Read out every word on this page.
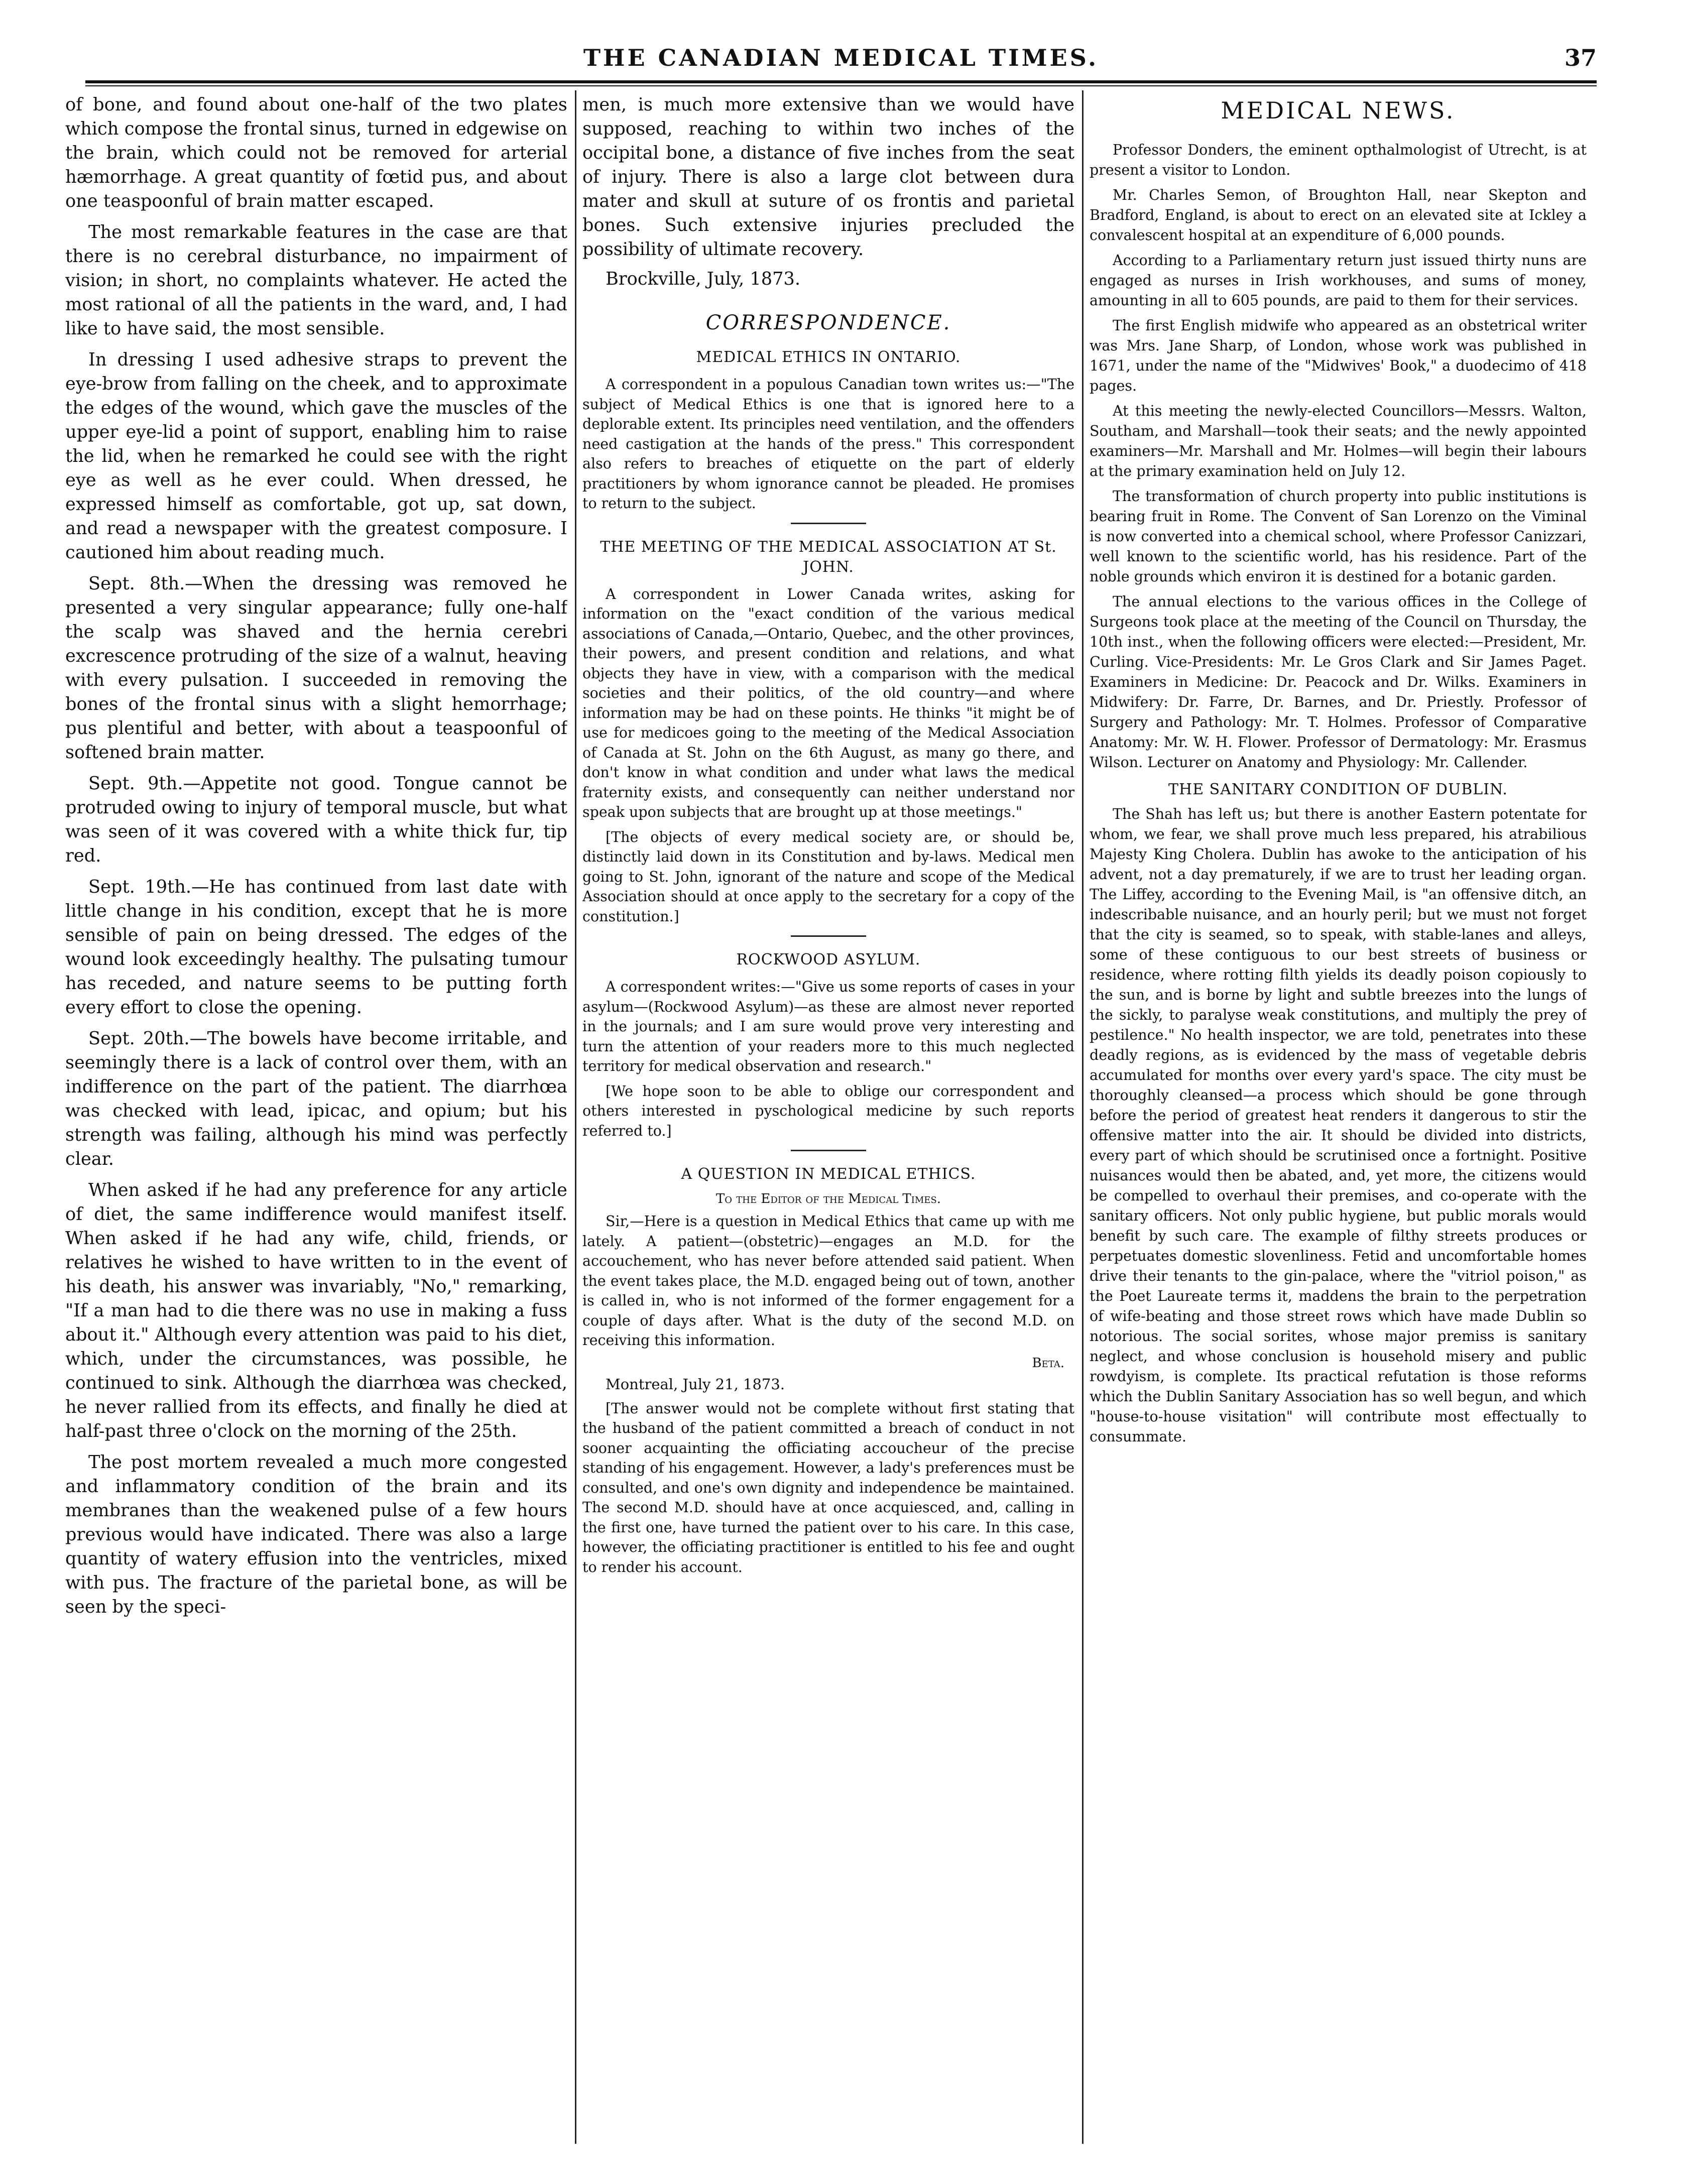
THE CANADIAN MEDICAL TIMES.	37

of bone, and found about one-half of the two plates which compose the frontal sinus, turned in edgewise on the brain, which could not be removed for arterial hæmorrhage. A great quantity of fœtid pus, and about one teaspoonful of brain matter escaped.

The most remarkable features in the case are that there is no cerebral disturbance, no impairment of vision; in short, no complaints whatever. He acted the most rational of all the patients in the ward, and, I had like to have said, the most sensible.

In dressing I used adhesive straps to prevent the eye-brow from falling on the cheek, and to approximate the edges of the wound, which gave the muscles of the upper eye-lid a point of support, enabling him to raise the lid, when he remarked he could see with the right eye as well as he ever could. When dressed, he expressed himself as comfortable, got up, sat down, and read a newspaper with the greatest composure. I cautioned him about reading much.

Sept. 8th.—When the dressing was removed he presented a very singular appearance; fully one-half the scalp was shaved and the hernia cerebri excrescence protruding of the size of a walnut, heaving with every pulsation. I succeeded in removing the bones of the frontal sinus with a slight hemorrhage; pus plentiful and better, with about a teaspoonful of softened brain matter.

Sept. 9th.—Appetite not good. Tongue cannot be protruded owing to injury of temporal muscle, but what was seen of it was covered with a white thick fur, tip red.

Sept. 19th.—He has continued from last date with little change in his condition, except that he is more sensible of pain on being dressed. The edges of the wound look exceedingly healthy. The pulsating tumour has receded, and nature seems to be putting forth every effort to close the opening.

Sept. 20th.—The bowels have become irritable, and seemingly there is a lack of control over them, with an indifference on the part of the patient. The diarrhœa was checked with lead, ipicac, and opium; but his strength was failing, although his mind was perfectly clear.

When asked if he had any preference for any article of diet, the same indifference would manifest itself. When asked if he had any wife, child, friends, or relatives he wished to have written to in the event of his death, his answer was invariably, "No," remarking, "If a man had to die there was no use in making a fuss about it." Although every attention was paid to his diet, which, under the circumstances, was possible, he continued to sink. Although the diarrhœa was checked, he never rallied from its effects, and finally he died at half-past three o'clock on the morning of the 25th.

The post mortem revealed a much more congested and inflammatory condition of the brain and its membranes than the weakened pulse of a few hours previous would have indicated. There was also a large quantity of watery effusion into the ventricles, mixed with pus. The fracture of the parietal bone, as will be seen by the speci-

men, is much more extensive than we would have supposed, reaching to within two inches of the occipital bone, a distance of five inches from the seat of injury. There is also a large clot between dura mater and skull at suture of os frontis and parietal bones. Such extensive injuries precluded the possibility of ultimate recovery.

Brockville, July, 1873.
CORRESPONDENCE.
MEDICAL ETHICS IN ONTARIO.

A correspondent in a populous Canadian town writes us:—"The subject of Medical Ethics is one that is ignored here to a deplorable extent. Its principles need ventilation, and the offenders need castigation at the hands of the press." This correspondent also refers to breaches of etiquette on the part of elderly practitioners by whom ignorance cannot be pleaded. He promises to return to the subject.

THE MEETING OF THE MEDICAL ASSOCIATION AT St. JOHN.

A correspondent in Lower Canada writes, asking for information on the "exact condition of the various medical associations of Canada,—Ontario, Quebec, and the other provinces, their powers, and present condition and relations, and what objects they have in view, with a comparison with the medical societies and their politics, of the old country—and where information may be had on these points. He thinks "it might be of use for medicoes going to the meeting of the Medical Association of Canada at St. John on the 6th August, as many go there, and don't know in what condition and under what laws the medical fraternity exists, and consequently can neither understand nor speak upon subjects that are brought up at those meetings."

[The objects of every medical society are, or should be, distinctly laid down in its Constitution and by-laws. Medical men going to St. John, ignorant of the nature and scope of the Medical Association should at once apply to the secretary for a copy of the constitution.]

ROCKWOOD ASYLUM.

A correspondent writes:—"Give us some reports of cases in your asylum—(Rockwood Asylum)—as these are almost never reported in the journals; and I am sure would prove very interesting and turn the attention of your readers more to this much neglected territory for medical observation and research."

[We hope soon to be able to oblige our correspondent and others interested in pyschological medicine by such reports referred to.]

A QUESTION IN MEDICAL ETHICS.
To the Editor of the Medical Times.

Sir,—Here is a question in Medical Ethics that came up with me lately. A patient—(obstetric)—engages an M.D. for the accouchement, who has never before attended said patient. When the event takes place, the M.D. engaged being out of town, another is called in, who is not informed of the former engagement for a couple of days after. What is the duty of the second M.D. on receiving this information.

Beta.
Montreal, July 21, 1873.

[The answer would not be complete without first stating that the husband of the patient committed a breach of conduct in not sooner acquainting the officiating accoucheur of the precise standing of his engagement. However, a lady's preferences must be consulted, and one's own dignity and independence be maintained. The second M.D. should have at once acquiesced, and, calling in the first one, have turned the patient over to his care. In this case, however, the officiating practitioner is entitled to his fee and ought to render his account.

MEDICAL NEWS.

Professor Donders, the eminent opthalmologist of Utrecht, is at present a visitor to London.

Mr. Charles Semon, of Broughton Hall, near Skepton and Bradford, England, is about to erect on an elevated site at Ickley a convalescent hospital at an expenditure of 6,000 pounds.

According to a Parliamentary return just issued thirty nuns are engaged as nurses in Irish workhouses, and sums of money, amounting in all to 605 pounds, are paid to them for their services.

The first English midwife who appeared as an obstetrical writer was Mrs. Jane Sharp, of London, whose work was published in 1671, under the name of the "Midwives' Book," a duodecimo of 418 pages.

At this meeting the newly-elected Councillors—Messrs. Walton, Southam, and Marshall—took their seats; and the newly appointed examiners—Mr. Marshall and Mr. Holmes—will begin their labours at the primary examination held on July 12.

The transformation of church property into public institutions is bearing fruit in Rome. The Convent of San Lorenzo on the Viminal is now converted into a chemical school, where Professor Canizzari, well known to the scientific world, has his residence. Part of the noble grounds which environ it is destined for a botanic garden.

The annual elections to the various offices in the College of Surgeons took place at the meeting of the Council on Thursday, the 10th inst., when the following officers were elected:—President, Mr. Curling. Vice-Presidents: Mr. Le Gros Clark and Sir James Paget. Examiners in Medicine: Dr. Peacock and Dr. Wilks. Examiners in Midwifery: Dr. Farre, Dr. Barnes, and Dr. Priestly. Professor of Surgery and Pathology: Mr. T. Holmes. Professor of Comparative Anatomy: Mr. W. H. Flower. Professor of Dermatology: Mr. Erasmus Wilson. Lecturer on Anatomy and Physiology: Mr. Callender.

THE SANITARY CONDITION OF DUBLIN.

The Shah has left us; but there is another Eastern potentate for whom, we fear, we shall prove much less prepared, his atrabilious Majesty King Cholera. Dublin has awoke to the anticipation of his advent, not a day prematurely, if we are to trust her leading organ. The Liffey, according to the Evening Mail, is "an offensive ditch, an indescribable nuisance, and an hourly peril; but we must not forget that the city is seamed, so to speak, with stable-lanes and alleys, some of these contiguous to our best streets of business or residence, where rotting filth yields its deadly poison copiously to the sun, and is borne by light and subtle breezes into the lungs of the sickly, to paralyse weak constitutions, and multiply the prey of pestilence." No health inspector, we are told, penetrates into these deadly regions, as is evidenced by the mass of vegetable debris accumulated for months over every yard's space. The city must be thoroughly cleansed—a process which should be gone through before the period of greatest heat renders it dangerous to stir the offensive matter into the air. It should be divided into districts, every part of which should be scrutinised once a fortnight. Positive nuisances would then be abated, and, yet more, the citizens would be compelled to overhaul their premises, and co-operate with the sanitary officers. Not only public hygiene, but public morals would benefit by such care. The example of filthy streets produces or perpetuates domestic slovenliness. Fetid and uncomfortable homes drive their tenants to the gin-palace, where the "vitriol poison," as the Poet Laureate terms it, maddens the brain to the perpetration of wife-beating and those street rows which have made Dublin so notorious. The social sorites, whose major premiss is sanitary neglect, and whose conclusion is household misery and public rowdyism, is complete. Its practical refutation is those reforms which the Dublin Sanitary Association has so well begun, and which "house-to-house visitation" will contribute most effectually to consummate.
